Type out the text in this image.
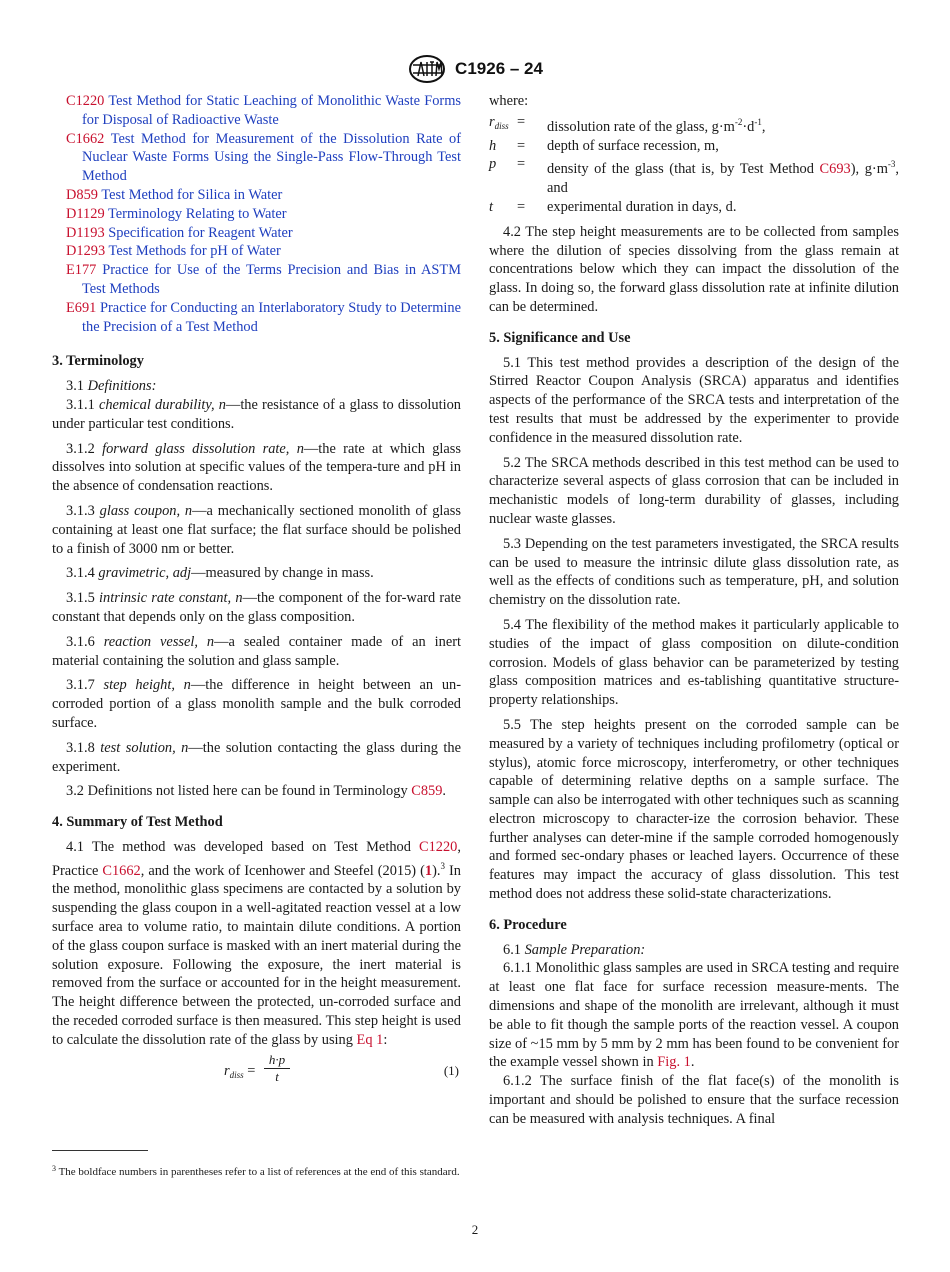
C1926 – 24

C1220 Test Method for Static Leaching of Monolithic Waste Forms for Disposal of Radioactive Waste

C1662 Test Method for Measurement of the Dissolution Rate of Nuclear Waste Forms Using the Single-Pass Flow-Through Test Method

D859 Test Method for Silica in Water

D1129 Terminology Relating to Water

D1193 Specification for Reagent Water

D1293 Test Methods for pH of Water

E177 Practice for Use of the Terms Precision and Bias in ASTM Test Methods

E691 Practice for Conducting an Interlaboratory Study to Determine the Precision of a Test Method

3. Terminology

3.1 Definitions:

3.1.1 chemical durability, n—the resistance of a glass to dissolution under particular test conditions.

3.1.2 forward glass dissolution rate, n—the rate at which glass dissolves into solution at specific values of the tempera-ture and pH in the absence of condensation reactions.

3.1.3 glass coupon, n—a mechanically sectioned monolith of glass containing at least one flat surface; the flat surface should be polished to a finish of 3000 nm or better.

3.1.4 gravimetric, adj—measured by change in mass.

3.1.5 intrinsic rate constant, n—the component of the for-ward rate constant that depends only on the glass composition.

3.1.6 reaction vessel, n—a sealed container made of an inert material containing the solution and glass sample.

3.1.7 step height, n—the difference in height between an un-corroded portion of a glass monolith sample and the bulk corroded surface.

3.1.8 test solution, n—the solution contacting the glass during the experiment.

3.2 Definitions not listed here can be found in Terminology C859.

4. Summary of Test Method

4.1 The method was developed based on Test Method C1220, Practice C1662, and the work of Icenhower and Steefel (2015) (1).$^3$ In the method, monolithic glass specimens are contacted by a solution by suspending the glass coupon in a well-agitated reaction vessel at a low surface area to volume ratio, to maintain dilute conditions. A portion of the glass coupon surface is masked with an inert material during the solution exposure. Following the exposure, the inert material is removed from the surface or accounted for in the height measurement. The height difference between the protected, un-corroded surface and the receded corroded surface is then measured. This step height is used to calculate the dissolution rate of the glass by using Eq 1:

$r_{diss} = \frac{h\cdot p}{t}$	(1)
$^3$ The boldface numbers in parentheses refer to a list of references at the end of this standard.

where:

$r_{diss}$	=	dissolution rate of the glass, $g\cdot m^{-2}\cdot d^{-1}$,
h	=	depth of surface recession, m,
p	=	density of the glass (that is, by Test Method C693), $g\cdot m^{-3}$, and
t	=	experimental duration in days, d.

4.2 The step height measurements are to be collected from samples where the dilution of species dissolving from the glass remain at concentrations below which they can impact the dissolution of the glass. In doing so, the forward glass dissolution rate at infinite dilution can be determined.

5. Significance and Use

5.1 This test method provides a description of the design of the Stirred Reactor Coupon Analysis (SRCA) apparatus and identifies aspects of the performance of the SRCA tests and interpretation of the test results that must be addressed by the experimenter to provide confidence in the measured dissolution rate.

5.2 The SRCA methods described in this test method can be used to characterize several aspects of glass corrosion that can be included in mechanistic models of long-term durability of glasses, including nuclear waste glasses.

5.3 Depending on the test parameters investigated, the SRCA results can be used to measure the intrinsic dilute glass dissolution rate, as well as the effects of conditions such as temperature, pH, and solution chemistry on the dissolution rate.

5.4 The flexibility of the method makes it particularly applicable to studies of the impact of glass composition on dilute-condition corrosion. Models of glass behavior can be parameterized by testing glass composition matrices and es-tablishing quantitative structure-property relationships.

5.5 The step heights present on the corroded sample can be measured by a variety of techniques including profilometry (optical or stylus), atomic force microscopy, interferometry, or other techniques capable of determining relative depths on a sample surface. The sample can also be interrogated with other techniques such as scanning electron microscopy to character-ize the corrosion behavior. These further analyses can deter-mine if the sample corroded homogenously and formed sec-ondary phases or leached layers. Occurrence of these features may impact the accuracy of glass dissolution. This test method does not address these solid-state characterizations.

6. Procedure

6.1 Sample Preparation:

6.1.1 Monolithic glass samples are used in SRCA testing and require at least one flat face for surface recession measure-ments. The dimensions and shape of the monolith are irrelevant, although it must be able to fit though the sample ports of the reaction vessel. A coupon size of ~15 mm by 5 mm by 2 mm has been found to be convenient for the example vessel shown in Fig. 1.

6.1.2 The surface finish of the flat face(s) of the monolith is important and should be polished to ensure that the surface recession can be measured with analysis techniques. A final

2
